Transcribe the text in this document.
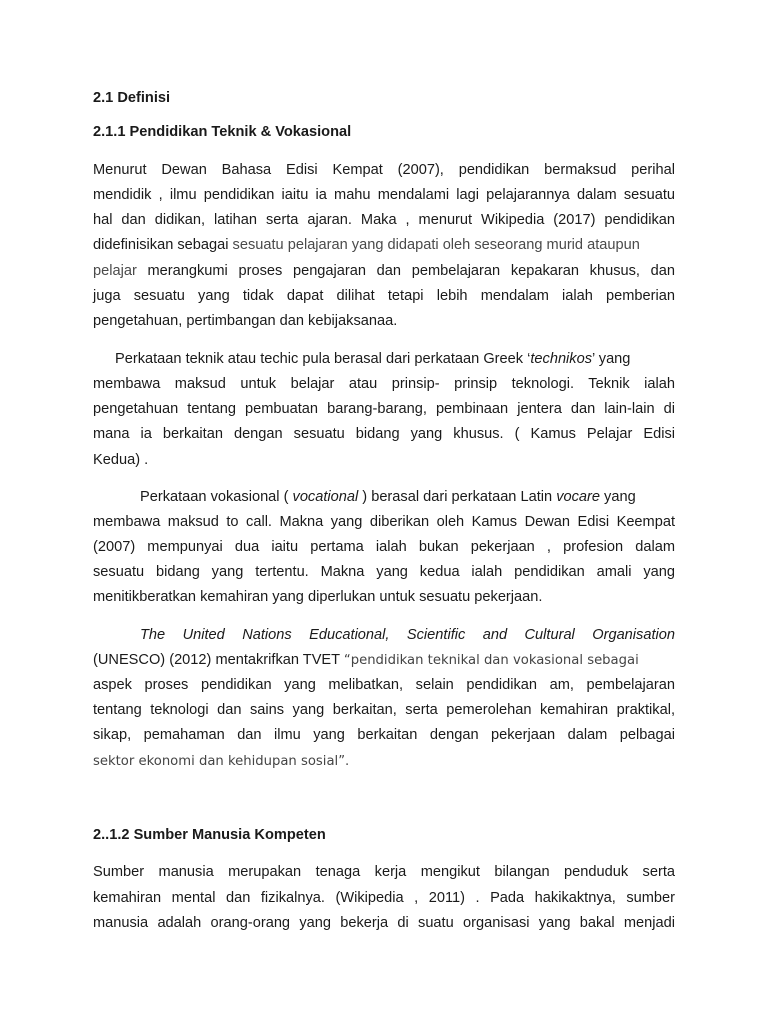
2.1 Definisi
2.1.1 Pendidikan Teknik & Vokasional
Menurut Dewan Bahasa Edisi Kempat (2007), pendidikan bermaksud perihal
mendidik , ilmu pendidikan iaitu ia mahu mendalami lagi pelajarannya dalam sesuatu
hal dan didikan, latihan serta ajaran. Maka , menurut Wikipedia (2017) pendidikan
didefinisikan sebagai sesuatu pelajaran yang didapati oleh seseorang murid ataupun
pelajar merangkumi proses pengajaran dan pembelajaran kepakaran khusus, dan
juga sesuatu yang tidak dapat dilihat tetapi lebih mendalam ialah pemberian
pengetahuan, pertimbangan dan kebijaksanaa.
Perkataan teknik atau techic pula berasal dari perkataan Greek ‘technikos’ yang
membawa maksud untuk belajar atau prinsip- prinsip teknologi. Teknik ialah
pengetahuan tentang pembuatan barang-barang, pembinaan jentera dan lain-lain di
mana ia berkaitan dengan sesuatu bidang yang khusus. ( Kamus Pelajar Edisi
Kedua) .
Perkataan vokasional ( vocational ) berasal dari perkataan Latin vocare yang
membawa maksud to call. Makna yang diberikan oleh Kamus Dewan Edisi Keempat
(2007) mempunyai dua iaitu pertama ialah bukan pekerjaan , profesion dalam
sesuatu bidang yang tertentu. Makna yang kedua ialah pendidikan amali yang
menitikberatkan kemahiran yang diperlukan untuk sesuatu pekerjaan.
The United Nations Educational, Scientific and Cultural Organisation
(UNESCO) (2012) mentakrifkan TVET “pendidikan teknikal dan vokasional sebagai
aspek proses pendidikan yang melibatkan, selain pendidikan am, pembelajaran
tentang teknologi dan sains yang berkaitan, serta pemerolehan kemahiran praktikal,
sikap, pemahaman dan ilmu yang berkaitan dengan pekerjaan dalam pelbagai
sektor ekonomi dan kehidupan sosial”.
2..1.2 Sumber Manusia Kompeten
Sumber manusia merupakan tenaga kerja mengikut bilangan penduduk serta
kemahiran mental dan fizikalnya. (Wikipedia , 2011) . Pada hakikaktnya, sumber
manusia adalah orang-orang yang bekerja di suatu organisasi yang bakal menjadi
